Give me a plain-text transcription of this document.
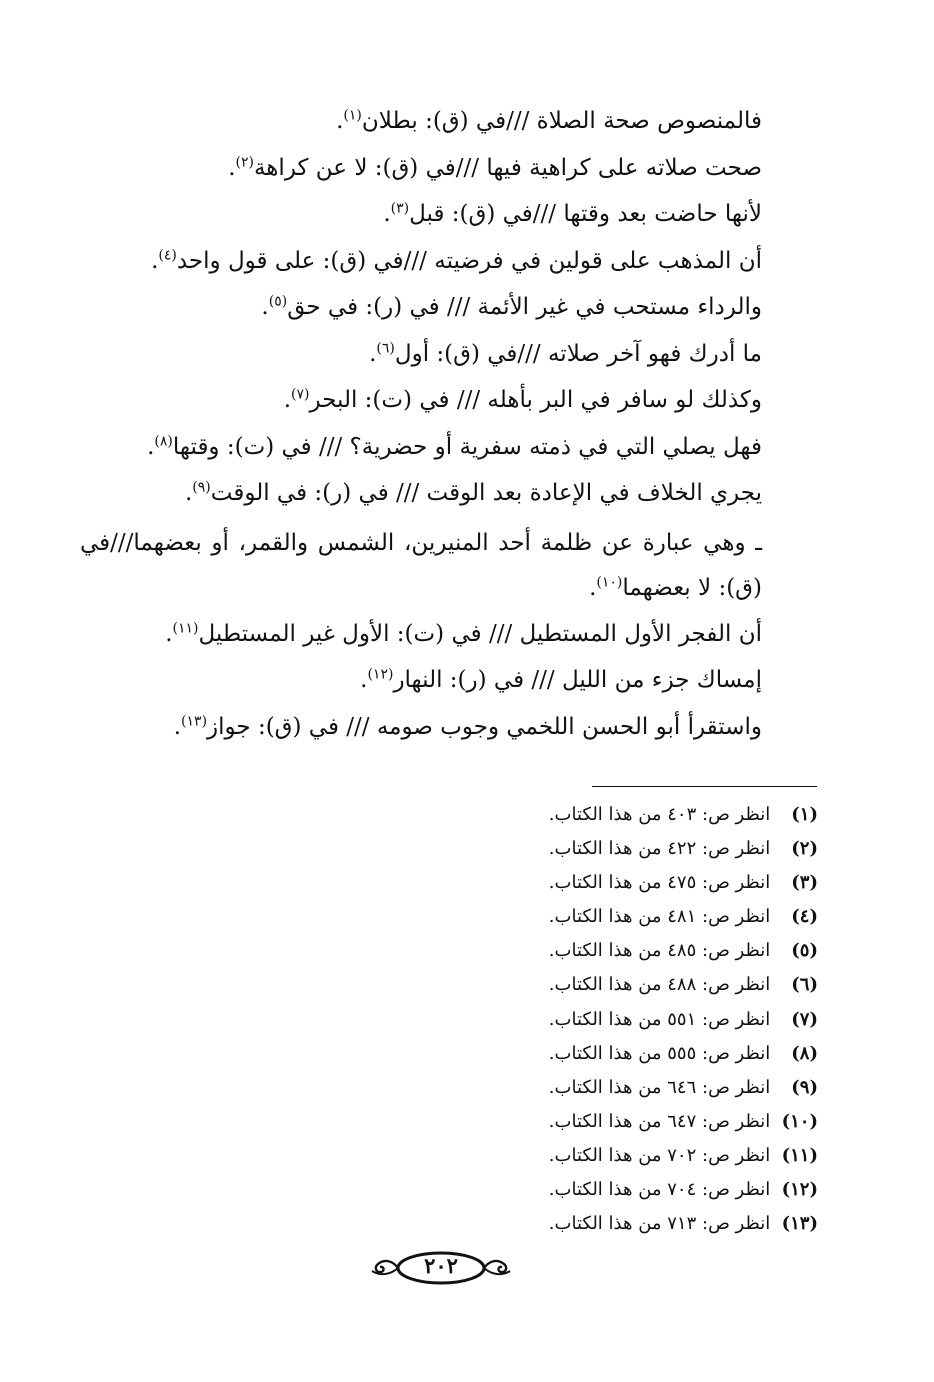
فالمنصوص صحة الصلاة ///في (ق): بطلان$^{(١)}$.
صحت صلاته على كراهية فيها ///في (ق): لا عن كراهة$^{(٢)}$.
لأنها حاضت بعد وقتها ///في (ق): قبل$^{(٣)}$.
أن المذهب على قولين في فرضيته ///في (ق): على قول واحد$^{(٤)}$.
والرداء مستحب في غير الأئمة /// في (ر): في حق$^{(٥)}$.
ما أدرك فهو آخر صلاته ///في (ق): أول$^{(٦)}$.
وكذلك لو سافر في البر بأهله /// في (ت): البحر$^{(٧)}$.
فهل يصلي التي في ذمته سفرية أو حضرية؟ /// في (ت): وقتها$^{(٨)}$.
يجري الخلاف في الإعادة بعد الوقت /// في (ر): في الوقت$^{(٩)}$.
ـ وهي عبارة عن ظلمة أحد المنيرين، الشمس والقمر، أو بعضهما///في (ق): لا بعضهما$^{(١٠)}$.
أن الفجر الأول المستطيل /// في (ت): الأول غير المستطيل$^{(١١)}$.
إمساك جزء من الليل /// في (ر): النهار$^{(١٢)}$.
واستقرأ أبو الحسن اللخمي وجوب صومه /// في (ق): جواز$^{(١٣)}$.
(١) انظر ص: ٤٠٣ من هذا الكتاب.
(٢) انظر ص: ٤٢٢ من هذا الكتاب.
(٣) انظر ص: ٤٧٥ من هذا الكتاب.
(٤) انظر ص: ٤٨١ من هذا الكتاب.
(٥) انظر ص: ٤٨٥ من هذا الكتاب.
(٦) انظر ص: ٤٨٨ من هذا الكتاب.
(٧) انظر ص: ٥٥١ من هذا الكتاب.
(٨) انظر ص: ٥٥٥ من هذا الكتاب.
(٩) انظر ص: ٦٤٦ من هذا الكتاب.
(١٠) انظر ص: ٦٤٧ من هذا الكتاب.
(١١) انظر ص: ٧٠٢ من هذا الكتاب.
(١٢) انظر ص: ٧٠٤ من هذا الكتاب.
(١٣) انظر ص: ٧١٣ من هذا الكتاب.
٢٠٢
